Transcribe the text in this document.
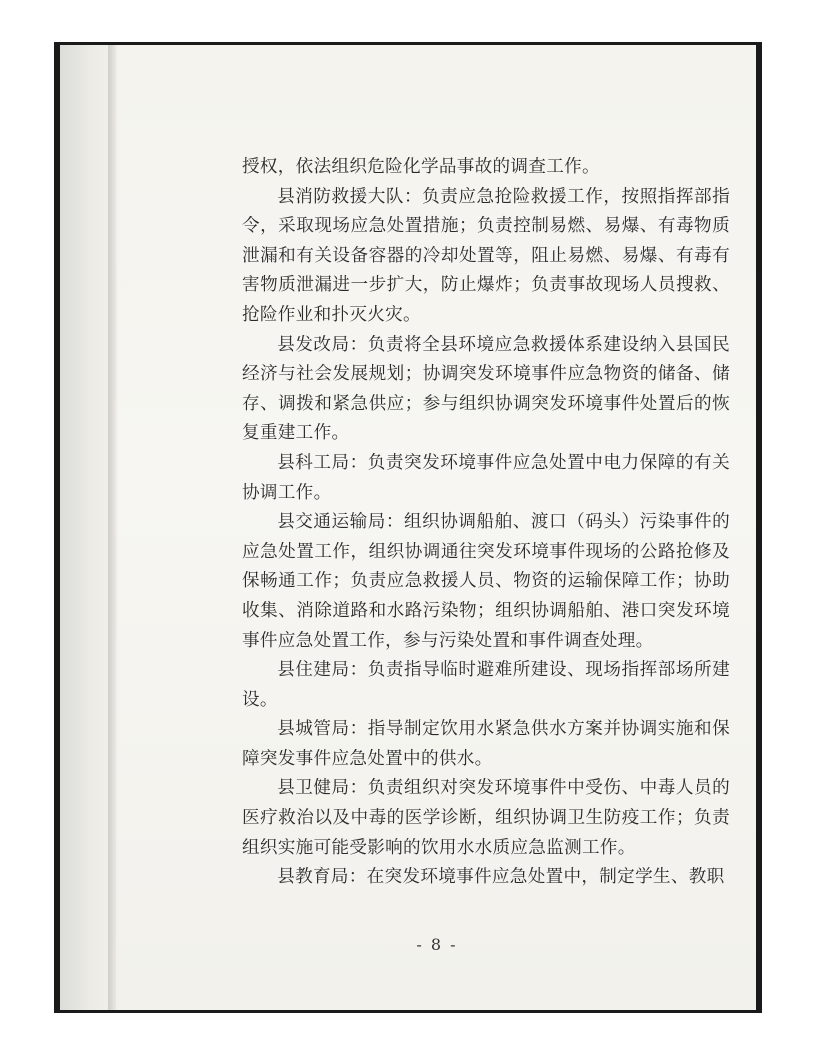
授权，依法组织危险化学品事故的调查工作。

县消防救援大队：负责应急抢险救援工作，按照指挥部指令，采取现场应急处置措施；负责控制易燃、易爆、有毒物质泄漏和有关设备容器的冷却处置等，阻止易燃、易爆、有毒有害物质泄漏进一步扩大，防止爆炸；负责事故现场人员搜救、抢险作业和扑灭火灾。

县发改局：负责将全县环境应急救援体系建设纳入县国民经济与社会发展规划；协调突发环境事件应急物资的储备、储存、调拨和紧急供应；参与组织协调突发环境事件处置后的恢复重建工作。

县科工局：负责突发环境事件应急处置中电力保障的有关协调工作。

县交通运输局：组织协调船舶、渡口（码头）污染事件的应急处置工作，组织协调通往突发环境事件现场的公路抢修及保畅通工作；负责应急救援人员、物资的运输保障工作；协助收集、消除道路和水路污染物；组织协调船舶、港口突发环境事件应急处置工作，参与污染处置和事件调查处理。

县住建局：负责指导临时避难所建设、现场指挥部场所建设。

县城管局：指导制定饮用水紧急供水方案并协调实施和保障突发事件应急处置中的供水。

县卫健局：负责组织对突发环境事件中受伤、中毒人员的医疗救治以及中毒的医学诊断，组织协调卫生防疫工作；负责组织实施可能受影响的饮用水水质应急监测工作。

县教育局：在突发环境事件应急处置中，制定学生、教职

- 8 -
